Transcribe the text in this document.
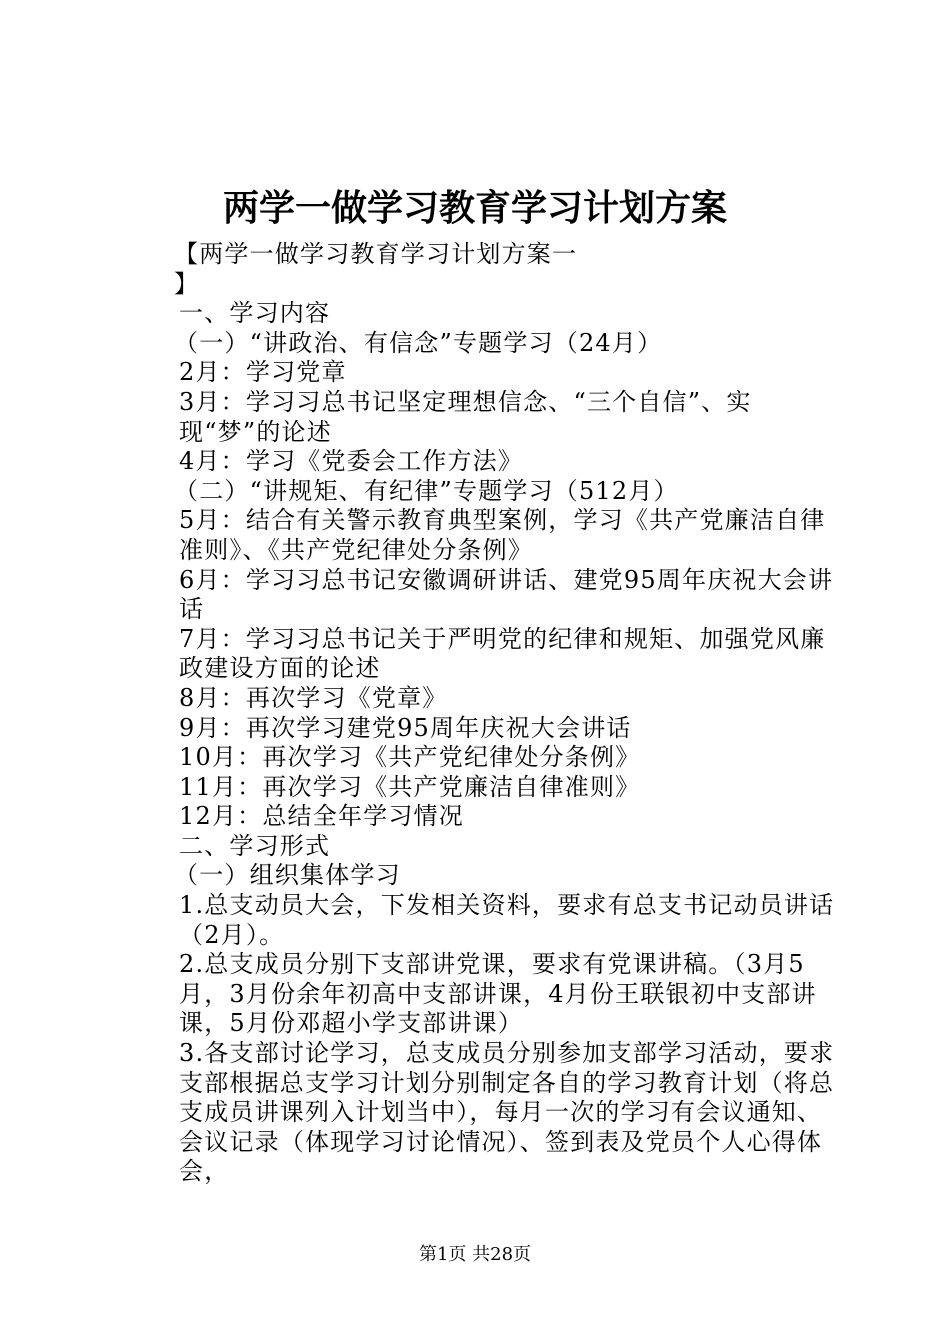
两学一做学习教育学习计划方案

【两学一做学习教育学习计划方案一

】

一、学习内容

（一）“讲政治、有信念”专题学习（24月）

2月：学习党章

3月：学习习总书记坚定理想信念、“三个自信”、实现“梦”的论述

4月：学习《党委会工作方法》

（二）“讲规矩、有纪律”专题学习（512月）

5月：结合有关警示教育典型案例，学习《共产党廉洁自律准则》、《共产党纪律处分条例》

6月：学习习总书记安徽调研讲话、建党95周年庆祝大会讲话

7月：学习习总书记关于严明党的纪律和规矩、加强党风廉政建设方面的论述

8月：再次学习《党章》

9月：再次学习建党95周年庆祝大会讲话

10月：再次学习《共产党纪律处分条例》

11月：再次学习《共产党廉洁自律准则》

12月：总结全年学习情况

二、学习形式

（一）组织集体学习

1.总支动员大会，下发相关资料，要求有总支书记动员讲话（2月）。

2.总支成员分别下支部讲党课，要求有党课讲稿。（3月5月，3月份余年初高中支部讲课，4月份王联银初中支部讲课，5月份邓超小学支部讲课）

3.各支部讨论学习，总支成员分别参加支部学习活动，要求支部根据总支学习计划分别制定各自的学习教育计划（将总支成员讲课列入计划当中），每月一次的学习有会议通知、会议记录（体现学习讨论情况）、签到表及党员个人心得体会，

第1页 共28页
